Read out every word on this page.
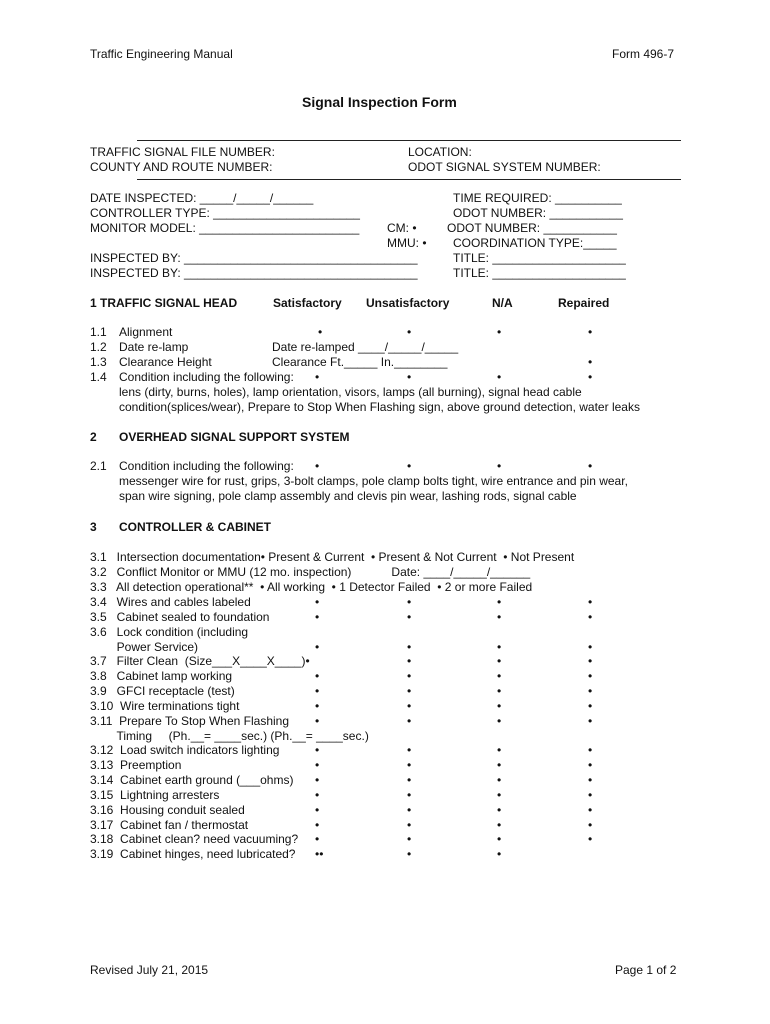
Traffic Engineering Manual	Form 496-7
Signal Inspection Form
TRAFFIC SIGNAL FILE NUMBER:	LOCATION:
COUNTY AND ROUTE NUMBER:	ODOT SIGNAL SYSTEM NUMBER:
DATE INSPECTED: _____/_____/______	TIME REQUIRED: __________
CONTROLLER TYPE: ______________________	ODOT NUMBER: ___________
MONITOR MODEL: ________________________ CM: •	ODOT NUMBER: ___________
MMU: • COORDINATION TYPE:_____
INSPECTED BY: ___________________________________	TITLE: ____________________
INSPECTED BY: ___________________________________	TITLE: ____________________
1 TRAFFIC SIGNAL HEAD	Satisfactory Unsatisfactory	N/A	Repaired
1.1 Alignment	•	•	•	•
1.2 Date re-lamp	Date re-lamped ____/_____/_____
1.3 Clearance Height	Clearance Ft._____ In.________	•
1.4 Condition including the following: •	•	•	•
lens (dirty, burns, holes), lamp orientation, visors, lamps (all burning), signal head cable
condition(splices/wear), Prepare to Stop When Flashing sign, above ground detection, water leaks
2 OVERHEAD SIGNAL SUPPORT SYSTEM
2.1 Condition including the following: •	•	•	•
messenger wire for rust, grips, 3-bolt clamps, pole clamp bolts tight, wire entrance and pin wear,
span wire signing, pole clamp assembly and clevis pin wear, lashing rods, signal cable
3 CONTROLLER & CABINET
3.1   Intersection documentation• Present & Current  • Present & Not Current  • Not Present
3.2   Conflict Monitor or MMU (12 mo. inspection)            Date: ____/_____/______
3.3   All detection operational**  • All working  • 1 Detector Failed  • 2 or more Failed
3.4   Wires and cables labeled	•	•	•	•
3.5   Cabinet sealed to foundation	•	•	•	•
3.6   Lock condition (including
Power Service)	•	•	•	•
3.7   Filter Clean  (Size___X____X____)•	•	•	•
3.8   Cabinet lamp working	•	•	•	•
3.9   GFCI receptacle (test)	•	•	•	•
3.10  Wire terminations tight	•	•	•	•
3.11  Prepare To Stop When Flashing •	•	•	•
Timing     (Ph.__= ____sec.) (Ph.__= ____sec.)
3.12  Load switch indicators lighting	•	•	•	•
3.13  Preemption	•	•	•	•
3.14  Cabinet earth ground (___ohms) •	•	•	•
3.15  Lightning arresters	•	•	•	•
3.16  Housing conduit sealed	•	•	•	•
3.17  Cabinet fan / thermostat	•	•	•	•
3.18  Cabinet clean? need vacuuming? •	•	•	•
3.19  Cabinet hinges, need lubricated? ••	•	•
Revised July 21, 2015	Page 1 of 2
